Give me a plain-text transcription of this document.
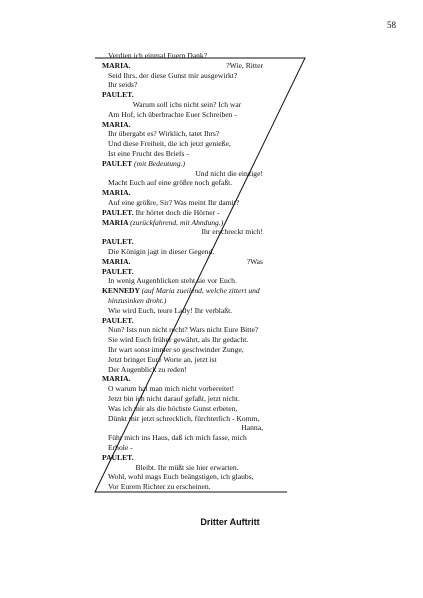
58
Verdien ich einmal Euern Dank?
MARIA.	Wie, Ritter?
Seid Ihrs, der diese Gunst mir ausgewirkt?
Ihr seids?
PAULET.
Warum soll ichs nicht sein? Ich war
Am Hof, ich überbrachte Euer Schreiben -
MARIA.
Ihr übergabt es? Wirklich, tatet Ihrs?
Und diese Freiheit, die ich jetzt genieße,
Ist eine Frucht des Briefs -
PAULET (mit Bedeutung.)
Und nicht die einzige!
Macht Euch auf eine größre noch gefaßt.
MARIA.
Auf eine größre, Sir? Was meint Ihr damit?
PAULET. Ihr hörtet doch die Hörner -
MARIA (zurückfahrend, mit Ahndung.)
Ihr erschreckt mich!
PAULET.
Die Königin jagt in dieser Gegend.
MARIA.	Was?
PAULET.
In wenig Augenblicken steht sie vor Euch.
KENNEDY (auf Maria zueilend, welche zittert und
hinzusinken droht.)
Wie wird Euch, teure Lady! Ihr verblaßt.
PAULET.
Nun? Ists nun nicht recht? Wars nicht Eure Bitte?
Sie wird Euch früher gewährt, als Ihr gedacht.
Ihr wart sonst immer so geschwinder Zunge,
Jetzt bringet Eure Worte an, jetzt ist
Der Augenblick zu reden!
MARIA.
O warum hat man mich nicht vorbereitet!
Jetzt bin ich nicht darauf gefaßt, jetzt nicht.
Was ich mir als die höchste Gunst erbeten,
Dünkt mir jetzt schrecklich, fürchterlich - Komm,
Hanna,
Führ mich ins Haus, daß ich mich fasse, mich
Erhole -
PAULET.
Bleibt. Ihr müßt sie hier erwarten.
Wohl, wohl mags Euch beängstigen, ich glaubs,
Vor Eurem Richter zu erscheinen.
Dritter Auftritt
